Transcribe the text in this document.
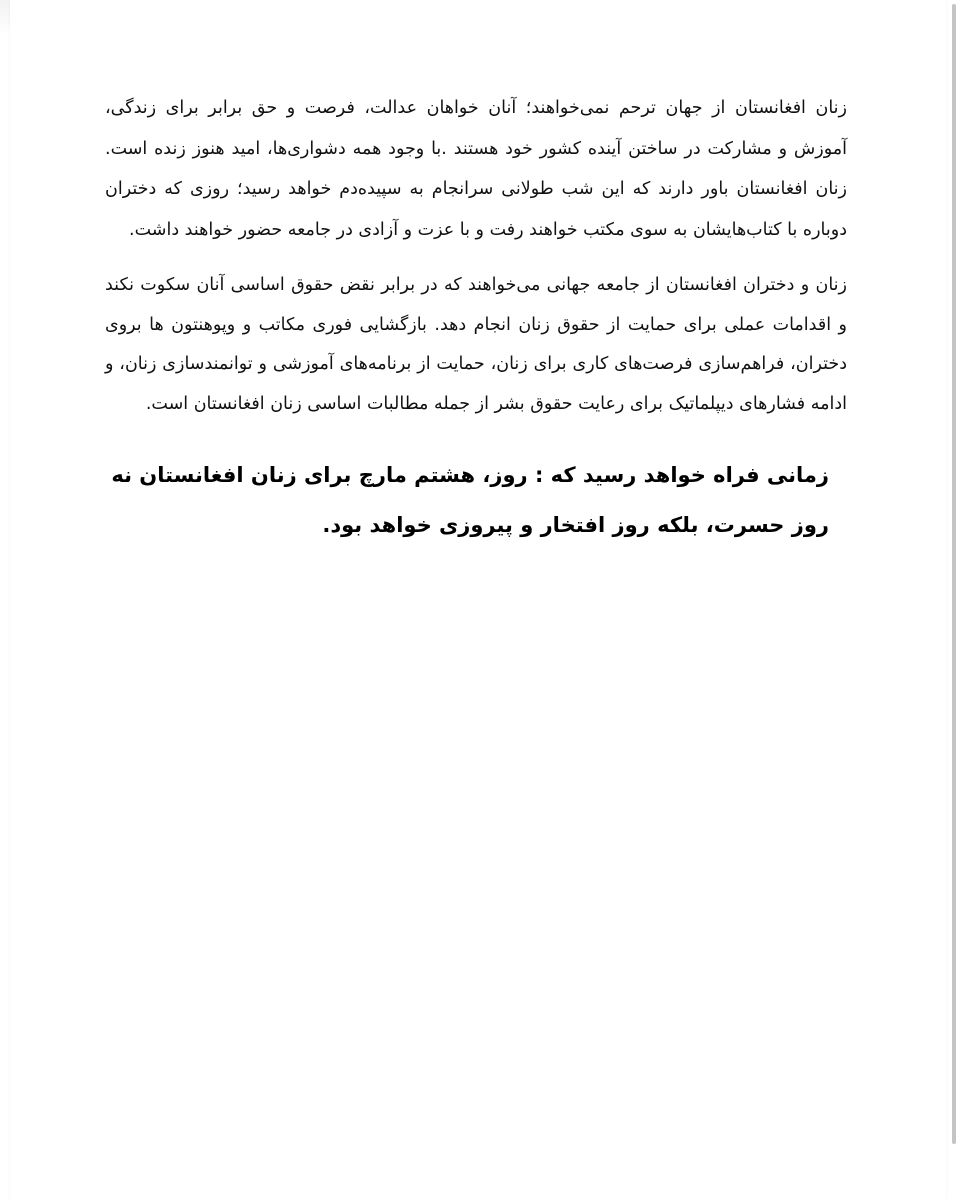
زنان افغانستان از جهان ترحم نمی‌خواهند؛ آنان خواهان عدالت، فرصت و حق برابر برای زندگی، آموزش و مشارکت در ساختن آینده کشور خود هستند .با وجود همه دشواری‌ها، امید هنوز زنده است. زنان افغانستان باور دارند که این شب طولانی سرانجام به سپیده‌دم خواهد رسید؛ روزی که دختران دوباره با کتاب‌هایشان به سوی مکتب خواهند رفت و با عزت و آزادی در جامعه حضور خواهند داشت.

زنان و دختران افغانستان از جامعه جهانی می‌خواهند که در برابر نقض حقوق اساسی آنان سکوت نکند و اقدامات عملی برای حمایت از حقوق زنان انجام دهد. بازگشایی فوری مکاتب و وپوهنتون ها بروی دختران، فراهم‌سازی فرصت‌های کاری برای زنان، حمایت از برنامه‌های آموزشی و توانمندسازی زنان، و ادامه فشارهای دیپلماتیک برای رعایت حقوق بشر از جمله مطالبات اساسی زنان افغانستان است.

زمانی فراه خواهد رسید که : روز، هشتم مارچ برای زنان افغانستان نه روز حسرت، بلکه روز افتخار و پیروزی خواهد بود.
